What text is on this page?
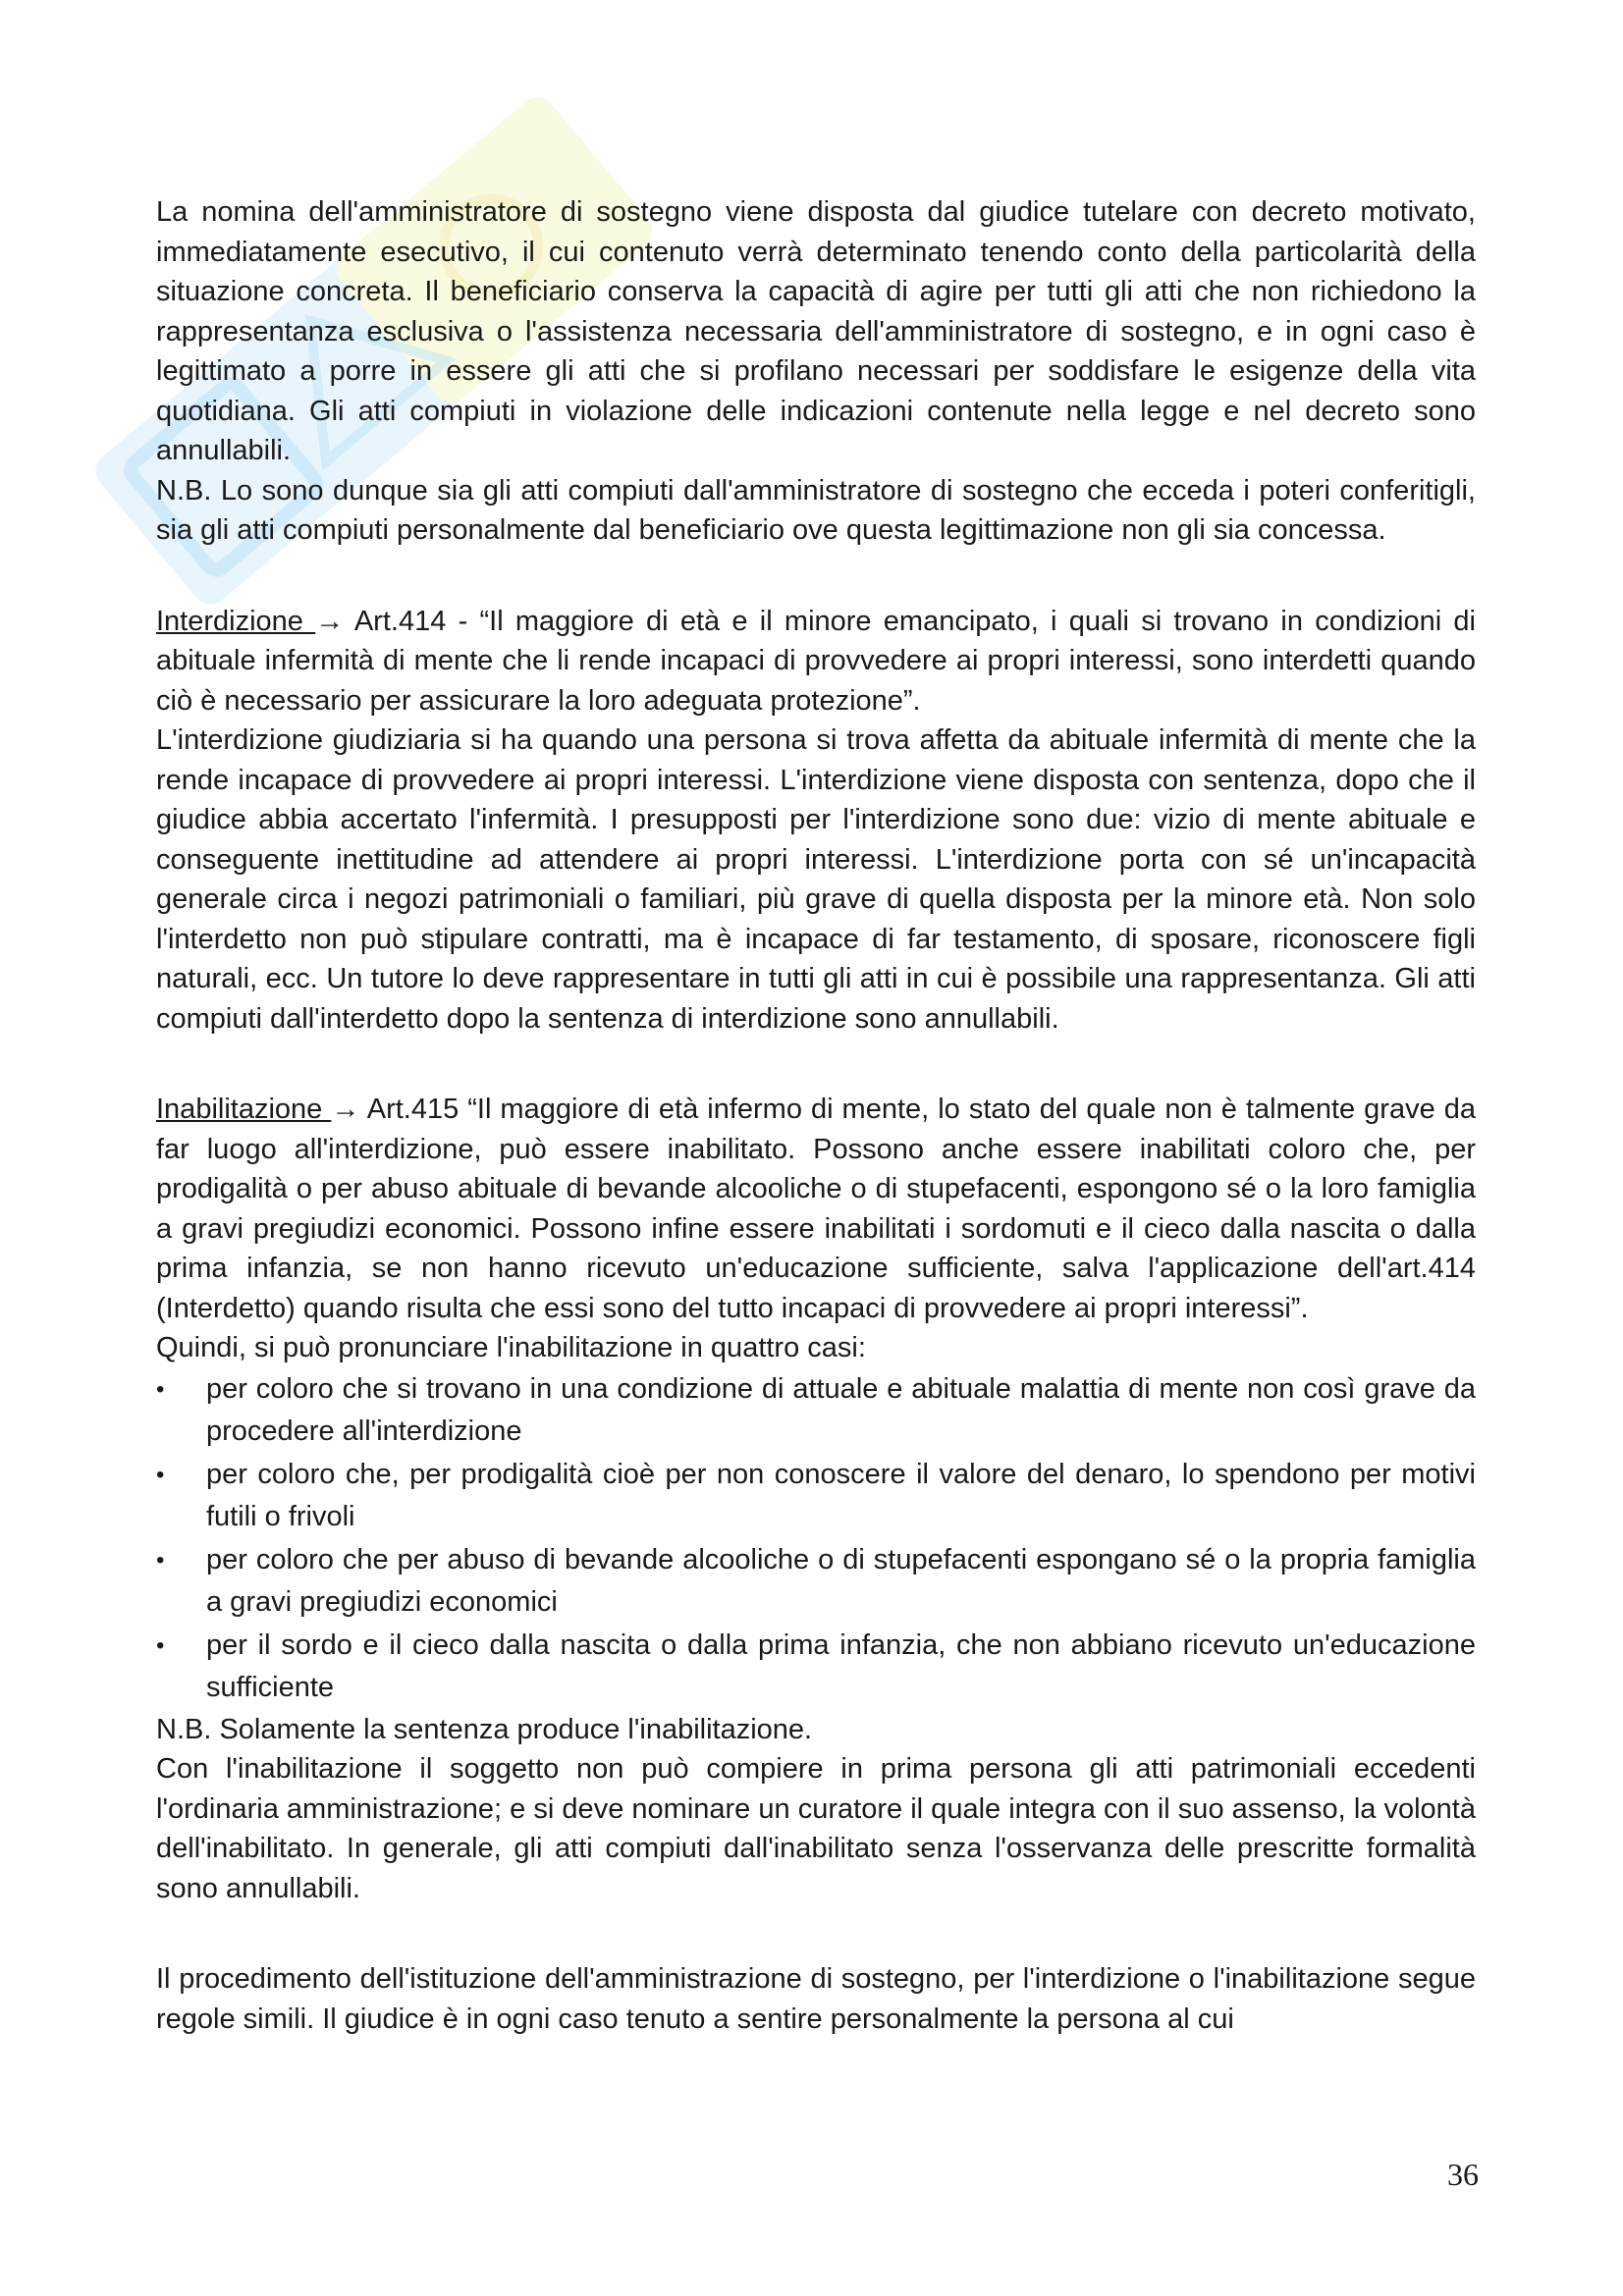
La nomina dell'amministratore di sostegno viene disposta dal giudice tutelare con decreto motivato, immediatamente esecutivo, il cui contenuto verrà determinato tenendo conto della particolarità della situazione concreta. Il beneficiario conserva la capacità di agire per tutti gli atti che non richiedono la rappresentanza esclusiva o l'assistenza necessaria dell'amministratore di sostegno, e in ogni caso è legittimato a porre in essere gli atti che si profilano necessari per soddisfare le esigenze della vita quotidiana. Gli atti compiuti in violazione delle indicazioni contenute nella legge e nel decreto sono annullabili.

N.B. Lo sono dunque sia gli atti compiuti dall'amministratore di sostegno che ecceda i poteri conferitigli, sia gli atti compiuti personalmente dal beneficiario ove questa legittimazione non gli sia concessa.

Interdizione → Art.414 - “Il maggiore di età e il minore emancipato, i quali si trovano in condizioni di abituale infermità di mente che li rende incapaci di provvedere ai propri interessi, sono interdetti quando ciò è necessario per assicurare la loro adeguata protezione”.

L'interdizione giudiziaria si ha quando una persona si trova affetta da abituale infermità di mente che la rende incapace di provvedere ai propri interessi. L'interdizione viene disposta con sentenza, dopo che il giudice abbia accertato l'infermità. I presupposti per l'interdizione sono due: vizio di mente abituale e conseguente inettitudine ad attendere ai propri interessi. L'interdizione porta con sé un'incapacità generale circa i negozi patrimoniali o familiari, più grave di quella disposta per la minore età. Non solo l'interdetto non può stipulare contratti, ma è incapace di far testamento, di sposare, riconoscere figli naturali, ecc. Un tutore lo deve rappresentare in tutti gli atti in cui è possibile una rappresentanza. Gli atti compiuti dall'interdetto dopo la sentenza di interdizione sono annullabili.

Inabilitazione → Art.415 “Il maggiore di età infermo di mente, lo stato del quale non è talmente grave da far luogo all'interdizione, può essere inabilitato. Possono anche essere inabilitati coloro che, per prodigalità o per abuso abituale di bevande alcooliche o di stupefacenti, espongono sé o la loro famiglia a gravi pregiudizi economici. Possono infine essere inabilitati i sordomuti e il cieco dalla nascita o dalla prima infanzia, se non hanno ricevuto un'educazione sufficiente, salva l'applicazione dell'art.414 (Interdetto) quando risulta che essi sono del tutto incapaci di provvedere ai propri interessi”.

Quindi, si può pronunciare l'inabilitazione in quattro casi:

• per coloro che si trovano in una condizione di attuale e abituale malattia di mente non così grave da procedere all'interdizione
• per coloro che, per prodigalità cioè per non conoscere il valore del denaro, lo spendono per motivi futili o frivoli
• per coloro che per abuso di bevande alcooliche o di stupefacenti espongano sé o la propria famiglia a gravi pregiudizi economici
• per il sordo e il cieco dalla nascita o dalla prima infanzia, che non abbiano ricevuto un'educazione sufficiente

N.B. Solamente la sentenza produce l'inabilitazione.

Con l'inabilitazione il soggetto non può compiere in prima persona gli atti patrimoniali eccedenti l'ordinaria amministrazione; e si deve nominare un curatore il quale integra con il suo assenso, la volontà dell'inabilitato. In generale, gli atti compiuti dall'inabilitato senza l'osservanza delle prescritte formalità sono annullabili.

Il procedimento dell'istituzione dell'amministrazione di sostegno, per l'interdizione o l'inabilitazione segue regole simili. Il giudice è in ogni caso tenuto a sentire personalmente la persona al cui

36
